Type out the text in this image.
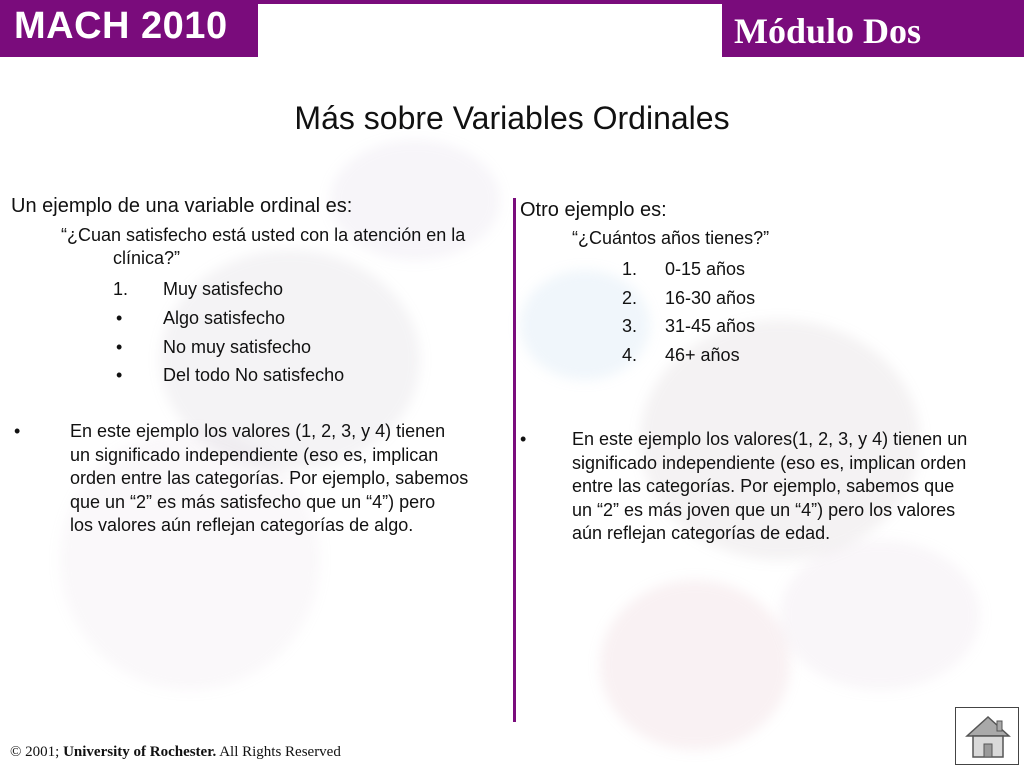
MACH 2010	Módulo Dos
Más sobre Variables Ordinales
Un ejemplo de una variable ordinal es:
“¿Cuan satisfecho está usted con la atención en la
clínica?”
1. Muy satisfecho
• Algo satisfecho
• No muy satisfecho
• Del todo No satisfecho
•	En este ejemplo los valores (1, 2, 3, y 4) tienen
un significado independiente (eso es, implican
orden entre las categorías. Por ejemplo, sabemos
que un “2” es más satisfecho que un “4”) pero
los valores aún reflejan categorías de algo.
Otro ejemplo es:
“¿Cuántos años tienes?”
1. 0-15 años
2. 16-30 años
3. 31-45 años
4. 46+ años
•	En este ejemplo los valores(1, 2, 3, y 4) tienen un
significado independiente (eso es, implican orden
entre las categorías. Por ejemplo, sabemos que
un “2” es más joven que un “4”) pero los valores
aún reflejan categorías de edad.
© 2001; University of Rochester. All Rights Reserved
